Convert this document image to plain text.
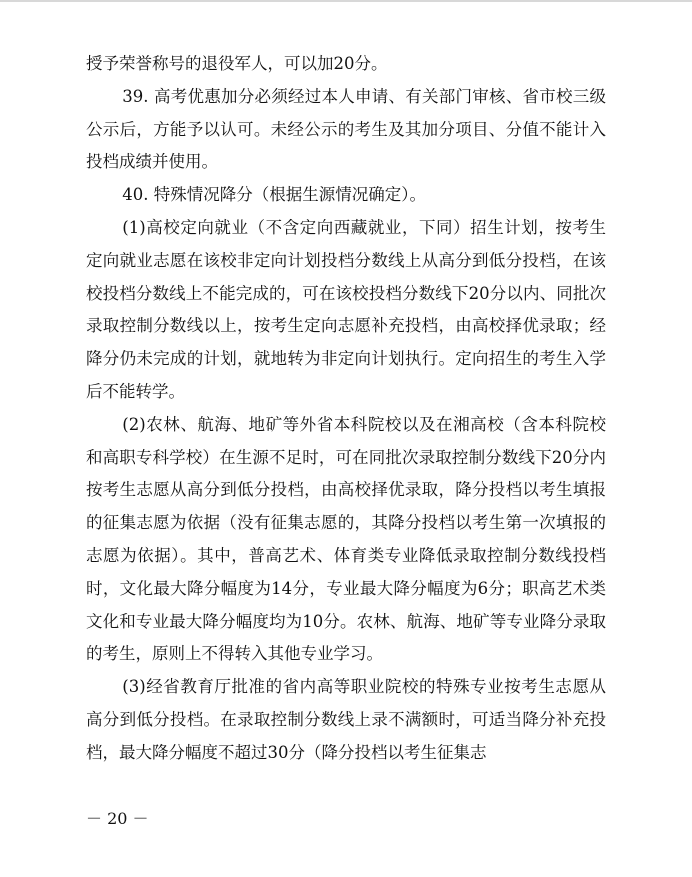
授予荣誉称号的退役军人，可以加20分。

39. 高考优惠加分必须经过本人申请、有关部门审核、省市校三级公示后，方能予以认可。未经公示的考生及其加分项目、分值不能计入投档成绩并使用。

40. 特殊情况降分（根据生源情况确定）。

(1)高校定向就业（不含定向西藏就业，下同）招生计划，按考生定向就业志愿在该校非定向计划投档分数线上从高分到低分投档，在该校投档分数线上不能完成的，可在该校投档分数线下20分以内、同批次录取控制分数线以上，按考生定向志愿补充投档，由高校择优录取；经降分仍未完成的计划，就地转为非定向计划执行。定向招生的考生入学后不能转学。

(2)农林、航海、地矿等外省本科院校以及在湘高校（含本科院校和高职专科学校）在生源不足时，可在同批次录取控制分数线下20分内按考生志愿从高分到低分投档，由高校择优录取，降分投档以考生填报的征集志愿为依据（没有征集志愿的，其降分投档以考生第一次填报的志愿为依据）。其中，普高艺术、体育类专业降低录取控制分数线投档时，文化最大降分幅度为14分，专业最大降分幅度为6分；职高艺术类文化和专业最大降分幅度均为10分。农林、航海、地矿等专业降分录取的考生，原则上不得转入其他专业学习。

(3)经省教育厅批准的省内高等职业院校的特殊专业按考生志愿从高分到低分投档。在录取控制分数线上录不满额时，可适当降分补充投档，最大降分幅度不超过30分（降分投档以考生征集志

－ 20 －
